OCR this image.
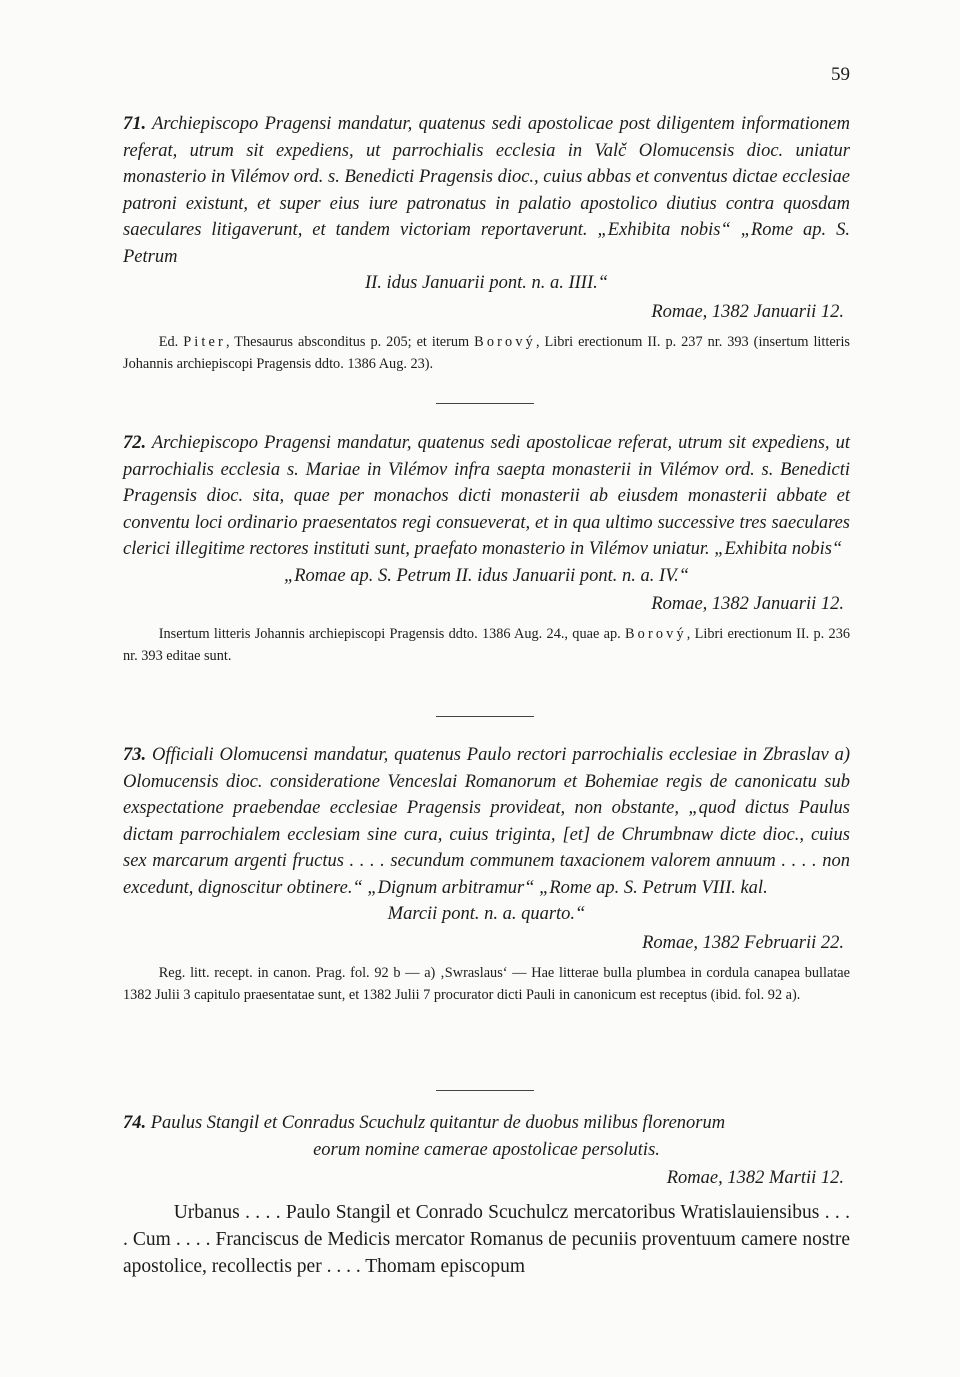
59

71. Archiepiscopo Pragensi mandatur, quatenus sedi apostolicae post diligentem informationem referat, utrum sit expediens, ut parrochialis ecclesia in Valč Olomucensis dioc. uniatur monasterio in Vilémov ord. s. Benedicti Pragensis dioc., cuius abbas et conventus dictae ecclesiae patroni existunt, et super eius iure patronatus in palatio apostolico diutius contra quosdam saeculares litigaverunt, et tandem victoriam reportaverunt. „Exhibita nobis“ „Rome ap. S. Petrum
II. idus Januarii pont. n. a. IIII.“

Romae, 1382 Januarii 12.

Ed. Piter, Thesaurus absconditus p. 205; et iterum Borový, Libri erectionum II. p. 237 nr. 393 (insertum litteris Johannis archiepiscopi Pragensis ddto. 1386 Aug. 23).

72. Archiepiscopo Pragensi mandatur, quatenus sedi apostolicae referat, utrum sit expediens, ut parrochialis ecclesia s. Mariae in Vilémov infra saepta monasterii in Vilémov ord. s. Benedicti Pragensis dioc. sita, quae per monachos dicti monasterii ab eiusdem monasterii abbate et conventu loci ordinario praesentatos regi consueverat, et in qua ultimo successive tres saeculares clerici illegitime rectores instituti sunt, praefato monasterio in Vilémov uniatur. „Exhibita nobis“
„Romae ap. S. Petrum II. idus Januarii pont. n. a. IV.“

Romae, 1382 Januarii 12.

Insertum litteris Johannis archiepiscopi Pragensis ddto. 1386 Aug. 24., quae ap. Borový, Libri erectionum II. p. 236 nr. 393 editae sunt.

73. Officiali Olomucensi mandatur, quatenus Paulo rectori parrochialis ecclesiae in Zbraslav a) Olomucensis dioc. consideratione Venceslai Romanorum et Bohemiae regis de canonicatu sub exspectatione praebendae ecclesiae Pragensis provideat, non obstante, „quod dictus Paulus dictam parrochialem ecclesiam sine cura, cuius triginta, [et] de Chrumbnaw dicte dioc., cuius sex marcarum argenti fructus . . . . secundum communem taxacionem valorem annuum . . . . non excedunt, dignoscitur obtinere.“ „Dignum arbitramur“ „Rome ap. S. Petrum VIII. kal.
Marcii pont. n. a. quarto.“

Romae, 1382 Februarii 22.

Reg. litt. recept. in canon. Prag. fol. 92 b — a) ‚Swraslaus‘ — Hae litterae bulla plumbea in cordula canapea bullatae 1382 Julii 3 capitulo praesentatae sunt, et 1382 Julii 7 procurator dicti Pauli in canonicum est receptus (ibid. fol. 92 a).

74. Paulus Stangil et Conradus Scuchulz quitantur de duobus milibus florenorum
eorum nomine camerae apostolicae persolutis.

Romae, 1382 Martii 12.

Urbanus . . . . Paulo Stangil et Conrado Scuchulcz mercatoribus Wratislauiensibus . . . . Cum . . . . Franciscus de Medicis mercator Romanus de pecuniis proventuum camere nostre apostolice, recollectis per . . . . Thomam episcopum
